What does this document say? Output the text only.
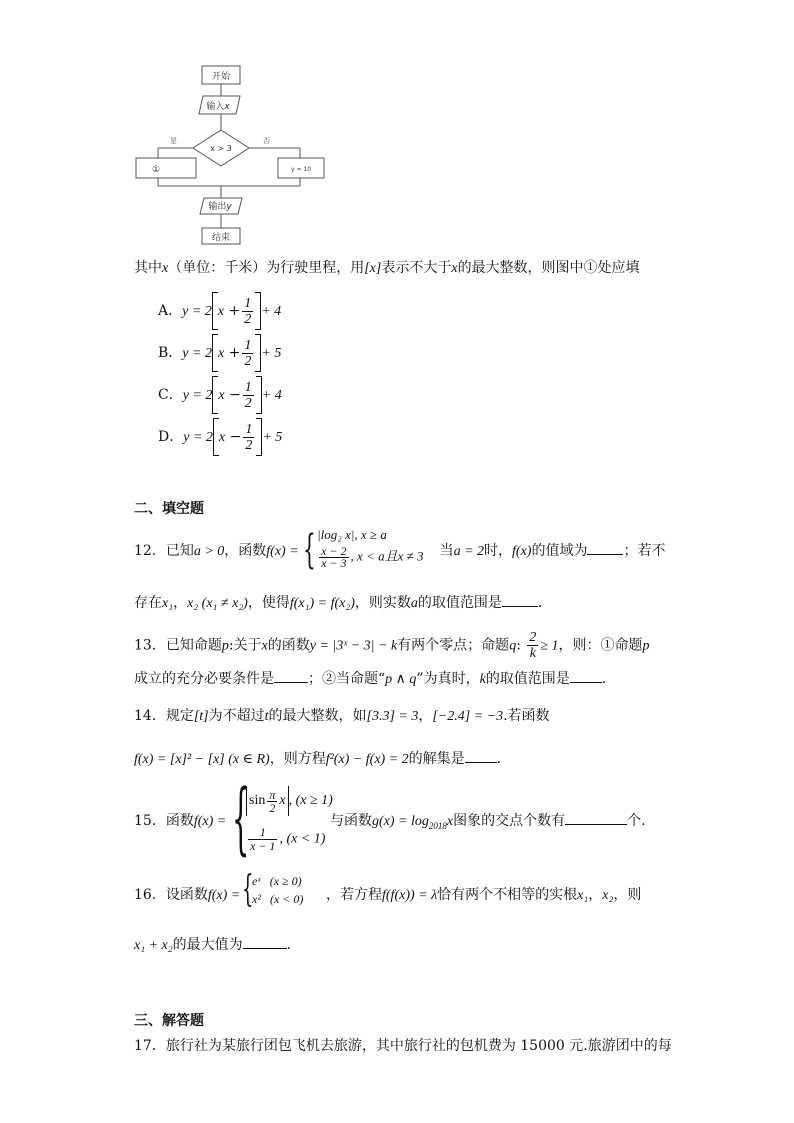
开始
输入x
x > 3
是	否
①	y = 10
输出y
结束
其中x（单位：千米）为行驶里程，用[x]表示不大于x的最大整数，则图中①处应填
A．y = 2 $x + \frac{1}{2} + 4$
B．y = 2 $x + \frac{1}{2} + 5$
C．y = 2 $x - \frac{1}{2} + 4$
D．y = 2 $x - \frac{1}{2} + 5$
二、填空题
12．已知a > 0，函数f(x) = { |log₂ x|, x ≥ a
$\frac{x - 2}{x - 3}$ , x < a且x ≠ 3 当a = 2时，f(x)的值域为	；若不
存在x₁，x₂ (x₁ ≠ x₂)，使得f(x₁) = f(x₂)，则实数a的取值范围是	．
13．已知命题p:关于x的函数y = |3ˣ − 3| − k有两个零点；命题q: $\frac{2}{k} \ge 1$，则：①命题p
成立的充分必要条件是 ；②当命题“p ∧ q”为真时，k的取值范围是 .
14．规定[t]为不超过t的最大整数，如[3.3] = 3，[−2.4] = −3.若函数
f(x) = [x]² − [x] (x ∈ R)，则方程f²(x) − f(x) = 2的解集是 .
15．函数f(x) = { $\sin \frac{\pi}{2}$ x , (x ≥ 1)
$\frac{1}{x - 1}$ , (x < 1)
与函数$g(x) = \log_{2018}x$图象的交点个数有	个.
16．设函数f(x) = {
eˣ (x ≥ 0)
x² (x < 0) ，若方程f(f(x)) = λ恰有两个不相等的实根x₁，x₂，则
x₁ + x₂的最大值为	.
三、解答题
17．旅行社为某旅行团包飞机去旅游，其中旅行社的包机费为 15000 元.旅游团中的每
